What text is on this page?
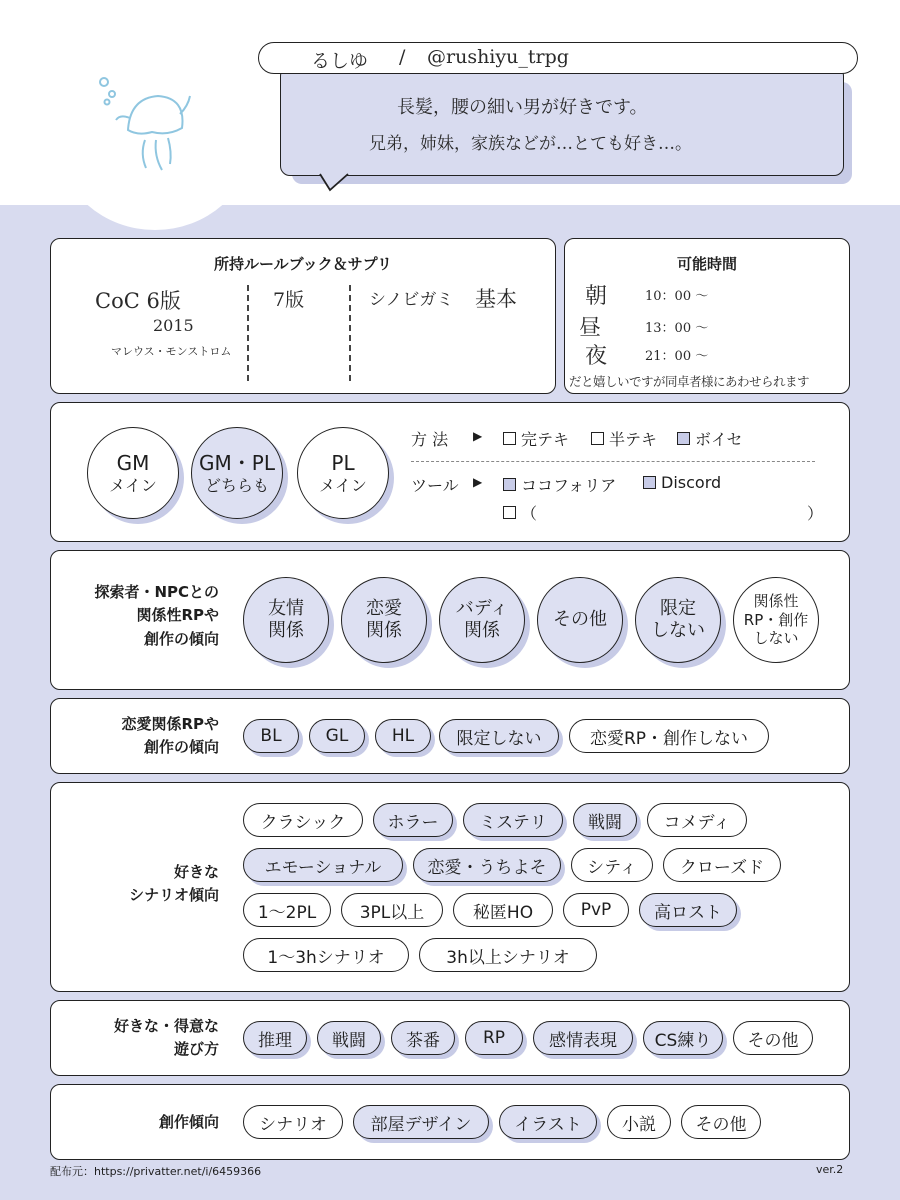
るしゆ / @rushiyu_trpg
長髪，腰の細い男が好きです。
兄弟，姉妹，家族などが…とても好き…。
所持ルールブック＆サプリ
CoC 6版
2015
マレウス・モンストロム
7版	シノビガミ 基本
可能時間
朝	10：00 ～
昼	13：00 ～
夜	21：00 ～
だと嬉しいですが同卓者様にあわせられます
GM
メイン
GM・PL
どちらも
PL
メイン
方 法 ▶ 完テキ 半テキ ボイセ
ツール ▶ ココフォリア	Discord
（	）
探索者・NPCとの
関係性RPや
創作の傾向
友情
関係
恋愛
関係
バディ
関係
その他
限定
しない
関係性
RP・創作
しない
恋愛関係RPや
創作の傾向
BL	GL	HL	限定しない	恋愛RP・創作しない
好きな
シナリオ傾向
クラシック	ホラー	ミステリ	戦闘	コメディ
エモーショナル	恋愛・うちよそ	シティ	クローズド
1～2PL	3PL以上	秘匿HO	PvP	高ロスト
1～3hシナリオ	3h以上シナリオ
好きな・得意な
遊び方	推理	戦闘	茶番	RP	感情表現	CS練り	その他
創作傾向	シナリオ	部屋デザイン	イラスト	小説	その他
配布元：https://privatter.net/i/6459366	ver.2
